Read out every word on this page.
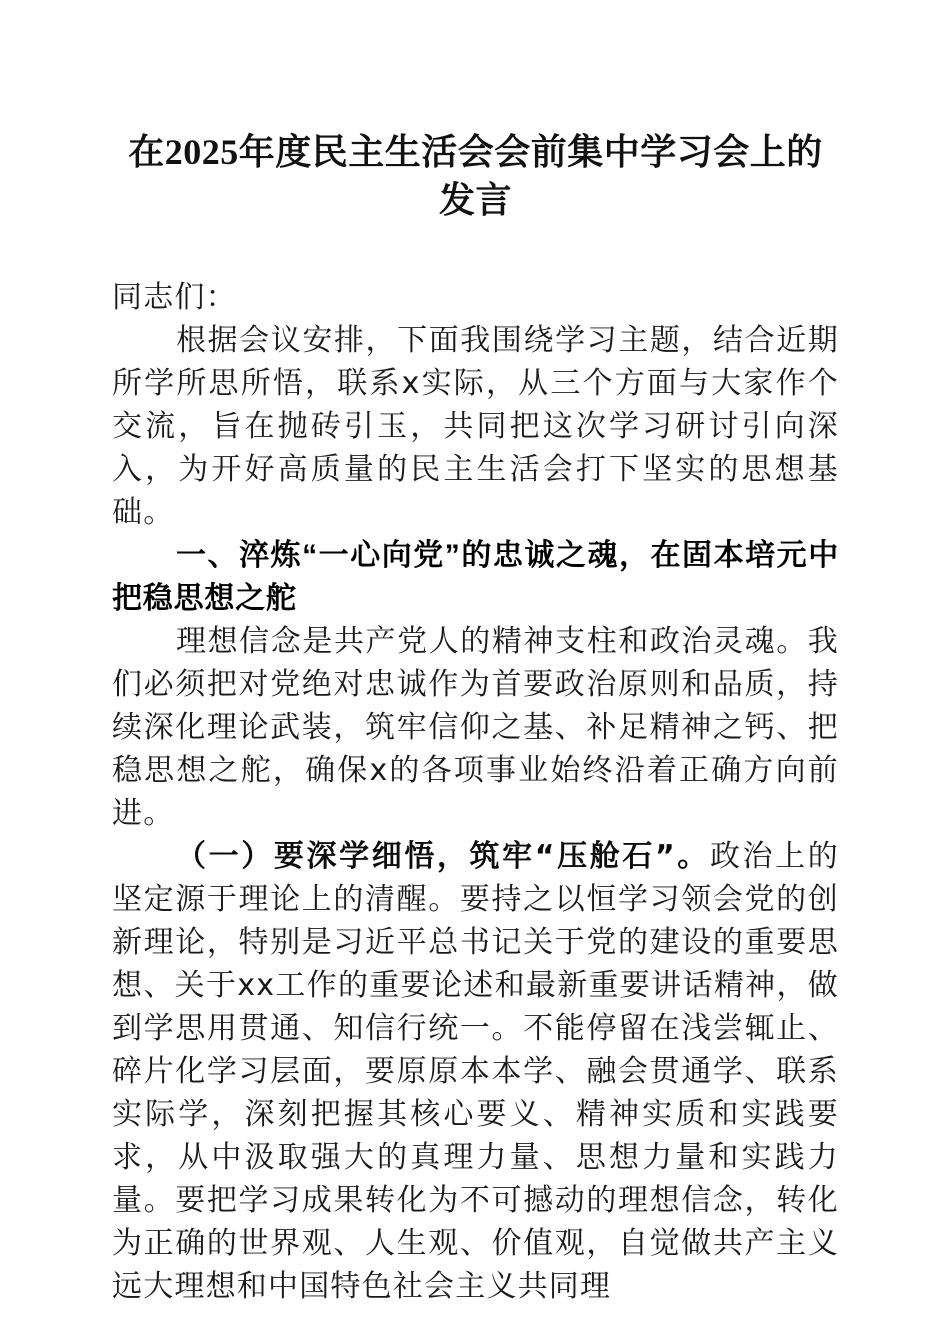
在2025年度民主生活会会前集中学习会上的发言

同志们：

根据会议安排，下面我围绕学习主题，结合近期所学所思所悟，联系x实际，从三个方面与大家作个交流，旨在抛砖引玉，共同把这次学习研讨引向深入，为开好高质量的民主生活会打下坚实的思想基础。

一、淬炼“一心向党”的忠诚之魂，在固本培元中把稳思想之舵

理想信念是共产党人的精神支柱和政治灵魂。我们必须把对党绝对忠诚作为首要政治原则和品质，持续深化理论武装，筑牢信仰之基、补足精神之钙、把稳思想之舵，确保x的各项事业始终沿着正确方向前进。

（一）要深学细悟，筑牢“压舱石”。政治上的坚定源于理论上的清醒。要持之以恒学习领会党的创新理论，特别是习近平总书记关于党的建设的重要思想、关于xx工作的重要论述和最新重要讲话精神，做到学思用贯通、知信行统一。不能停留在浅尝辄止、碎片化学习层面，要原原本本学、融会贯通学、联系实际学，深刻把握其核心要义、精神实质和实践要求，从中汲取强大的真理力量、思想力量和实践力量。要把学习成果转化为不可撼动的理想信念，转化为正确的世界观、人生观、价值观，自觉做共产主义远大理想和中国特色社会主义共同理
